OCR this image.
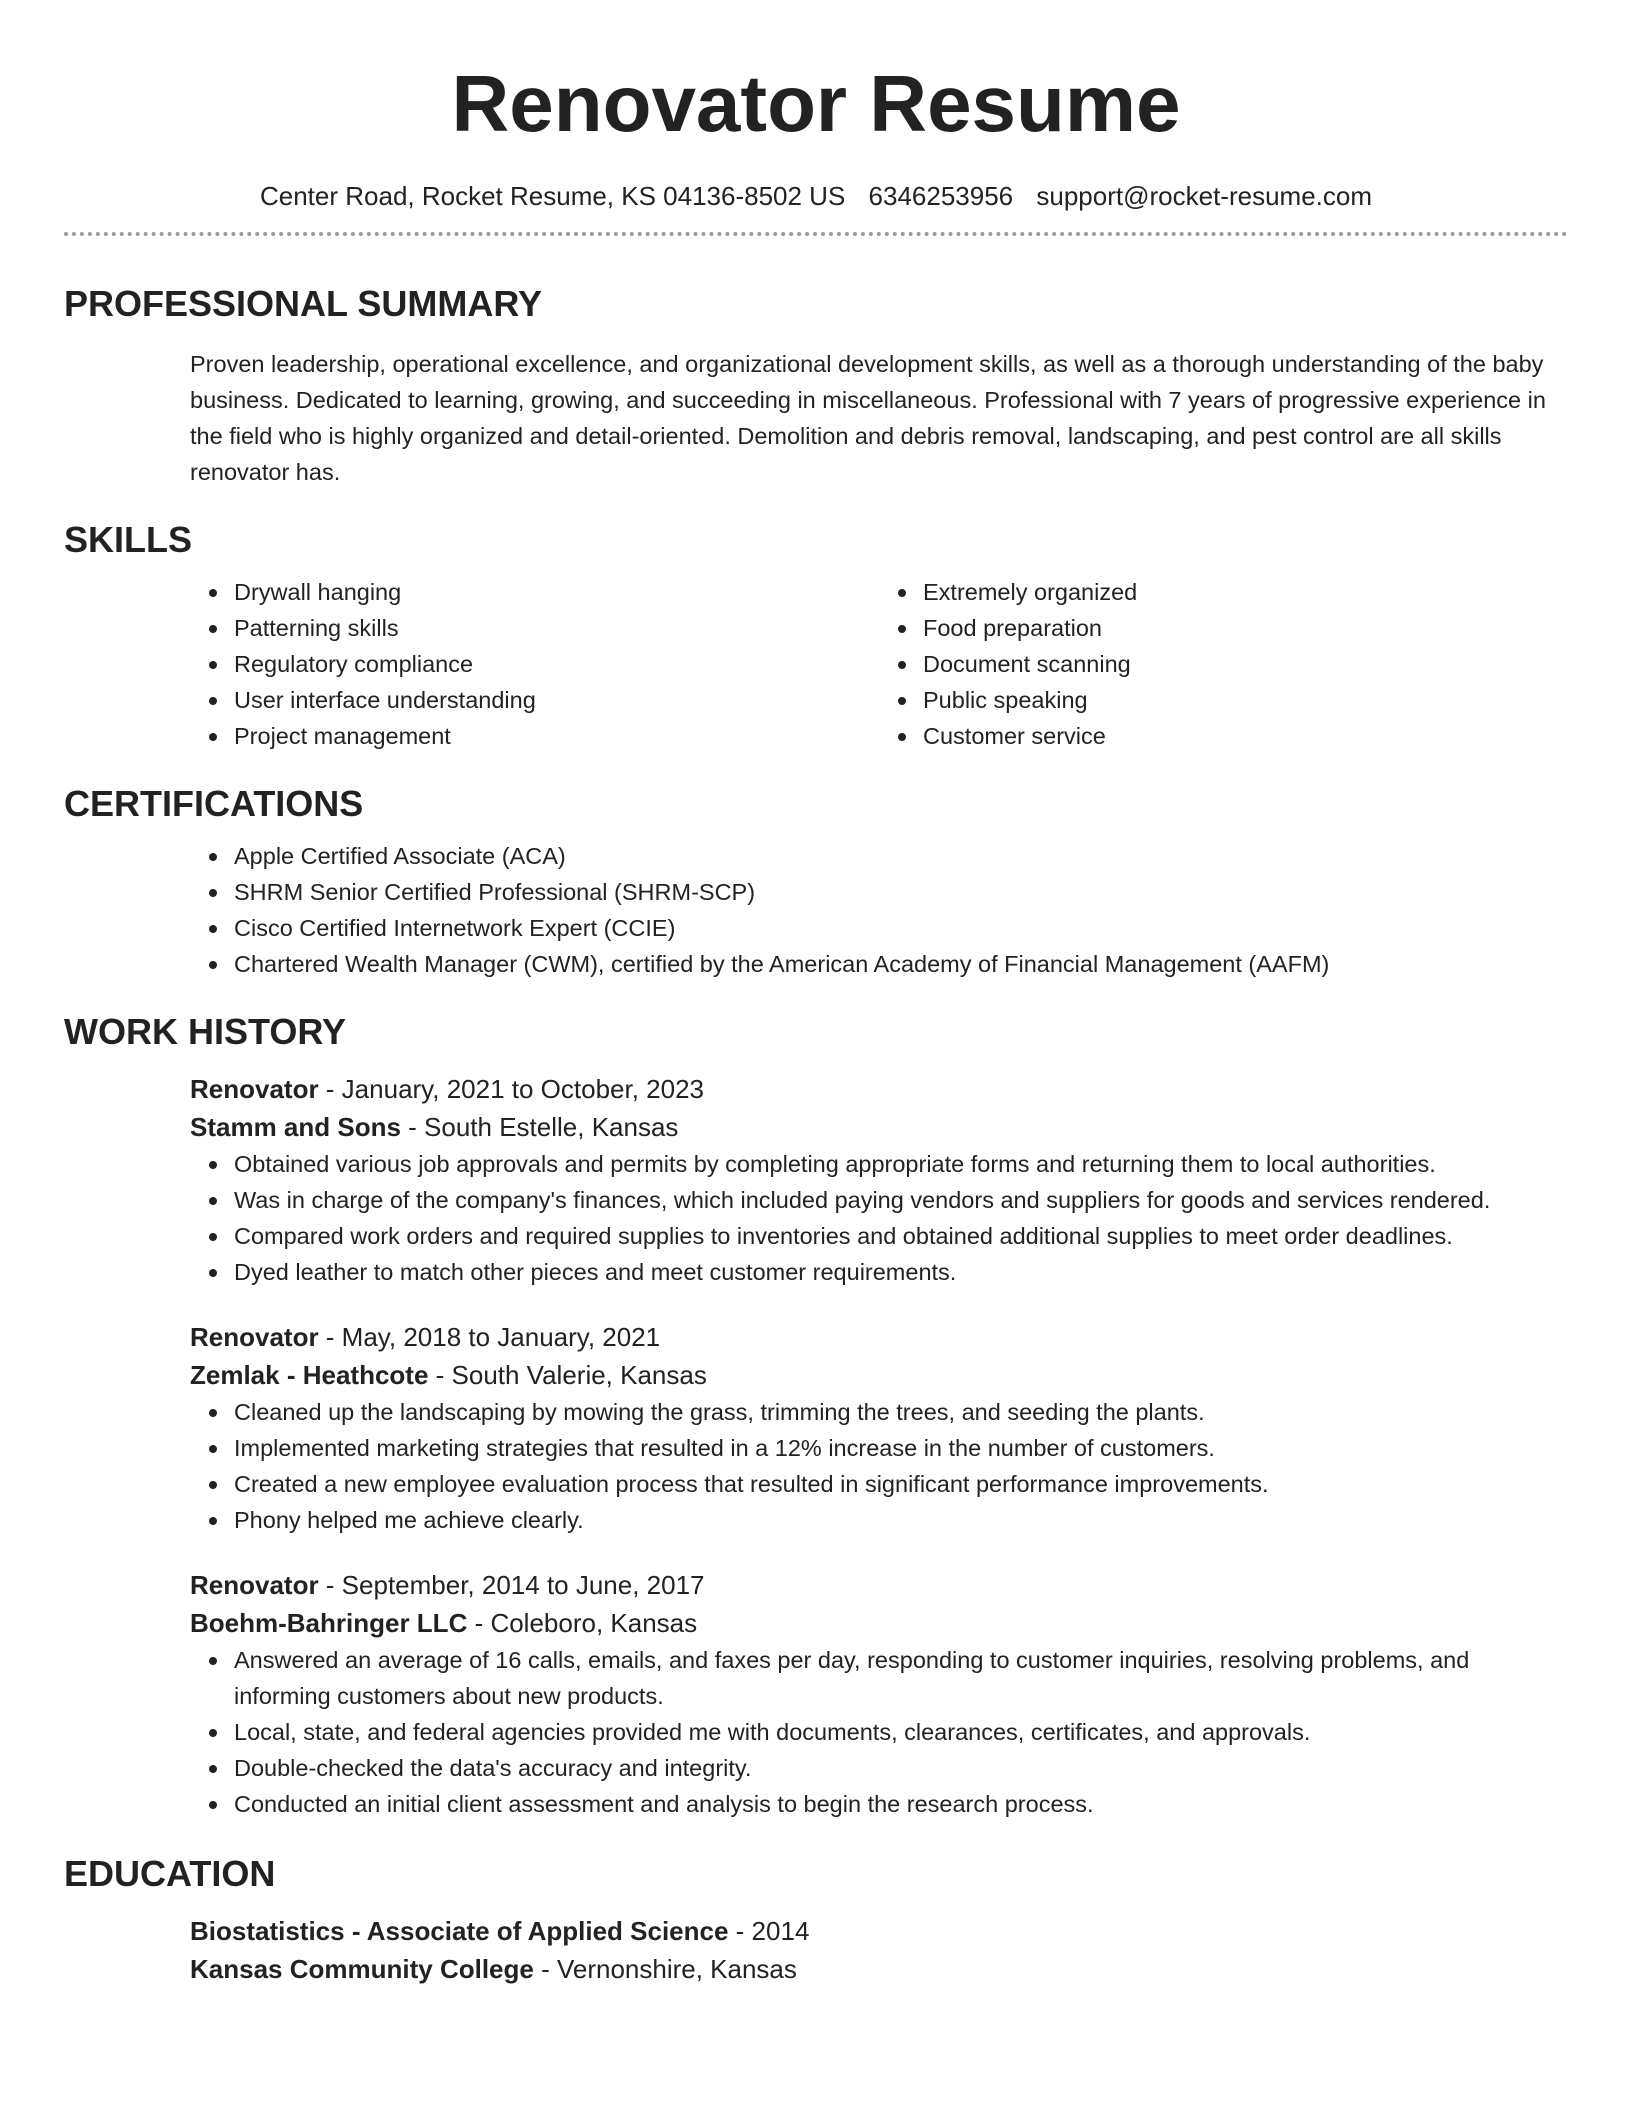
Renovator Resume
Center Road, Rocket Resume, KS 04136-8502 US 6346253956 support@rocket-resume.com
PROFESSIONAL SUMMARY
Proven leadership, operational excellence, and organizational development skills, as well as a thorough understanding of the baby business. Dedicated to learning, growing, and succeeding in miscellaneous. Professional with 7 years of progressive experience in the field who is highly organized and detail-oriented. Demolition and debris removal, landscaping, and pest control are all skills renovator has.
SKILLS
Drywall hanging
Patterning skills
Regulatory compliance
User interface understanding
Project management
Extremely organized
Food preparation
Document scanning
Public speaking
Customer service
CERTIFICATIONS
Apple Certified Associate (ACA)
SHRM Senior Certified Professional (SHRM-SCP)
Cisco Certified Internetwork Expert (CCIE)
Chartered Wealth Manager (CWM), certified by the American Academy of Financial Management (AAFM)
WORK HISTORY
Renovator - January, 2021 to October, 2023
Stamm and Sons - South Estelle, Kansas
Obtained various job approvals and permits by completing appropriate forms and returning them to local authorities.
Was in charge of the company's finances, which included paying vendors and suppliers for goods and services rendered.
Compared work orders and required supplies to inventories and obtained additional supplies to meet order deadlines.
Dyed leather to match other pieces and meet customer requirements.
Renovator - May, 2018 to January, 2021
Zemlak - Heathcote - South Valerie, Kansas
Cleaned up the landscaping by mowing the grass, trimming the trees, and seeding the plants.
Implemented marketing strategies that resulted in a 12% increase in the number of customers.
Created a new employee evaluation process that resulted in significant performance improvements.
Phony helped me achieve clearly.
Renovator - September, 2014 to June, 2017
Boehm-Bahringer LLC - Coleboro, Kansas
Answered an average of 16 calls, emails, and faxes per day, responding to customer inquiries, resolving problems, and informing customers about new products.
Local, state, and federal agencies provided me with documents, clearances, certificates, and approvals.
Double-checked the data's accuracy and integrity.
Conducted an initial client assessment and analysis to begin the research process.
EDUCATION
Biostatistics - Associate of Applied Science - 2014
Kansas Community College - Vernonshire, Kansas
